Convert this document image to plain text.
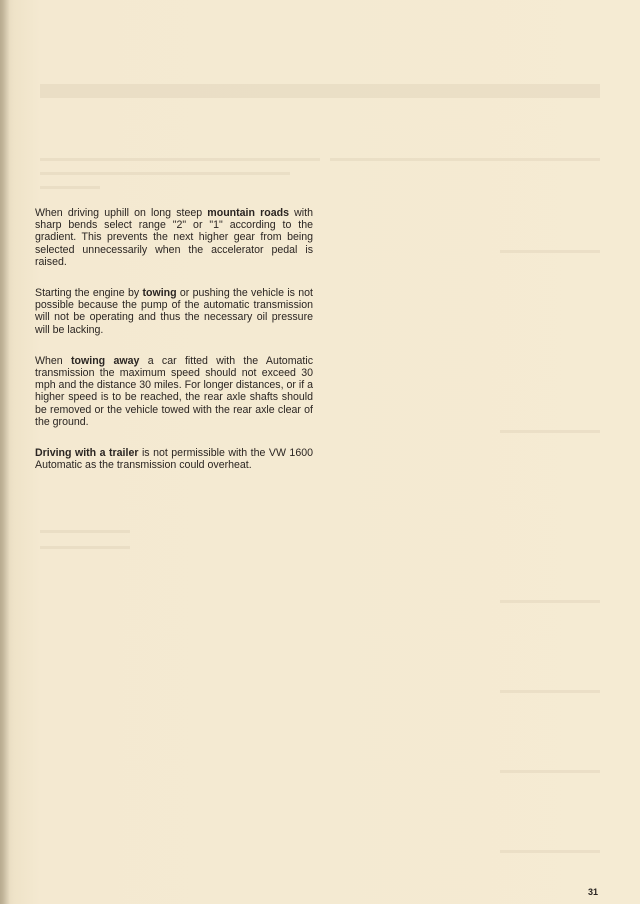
When driving uphill on long steep mountain roads with sharp bends select range "2" or "1" according to the gradient. This prevents the next higher gear from being selected unnecessarily when the accelerator pedal is raised.

Starting the engine by towing or pushing the vehicle is not possible because the pump of the automatic transmission will not be operating and thus the necessary oil pressure will be lacking.

When towing away a car fitted with the Automatic transmission the maximum speed should not exceed 30 mph and the distance 30 miles. For longer distances, or if a higher speed is to be reached, the rear axle shafts should be removed or the vehicle towed with the rear axle clear of the ground.

Driving with a trailer is not permissible with the VW 1600 Automatic as the transmission could overheat.

31
